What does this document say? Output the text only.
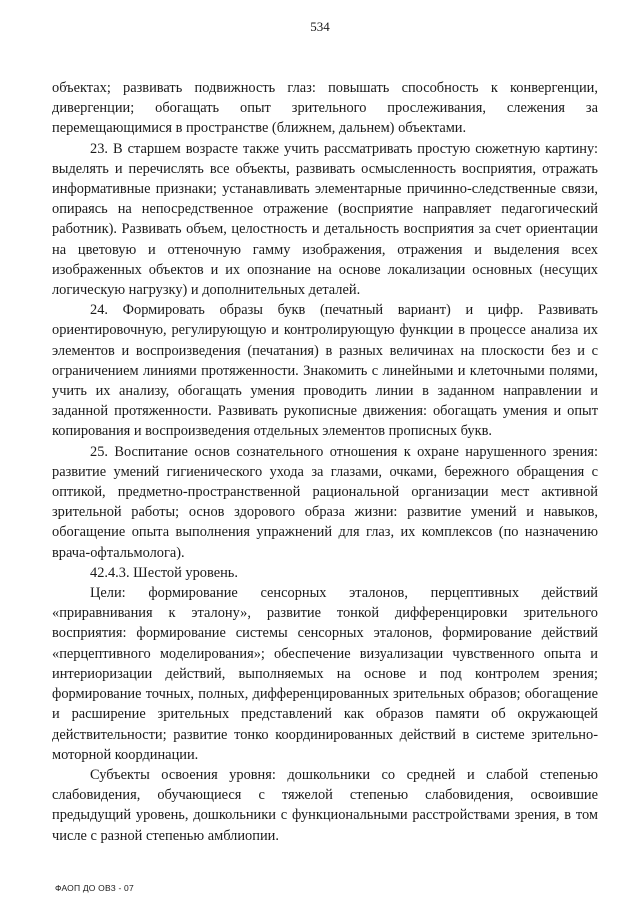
534

объектах; развивать подвижность глаз: повышать способность к конвергенции, дивергенции; обогащать опыт зрительного прослеживания, слежения за перемещающимися в пространстве (ближнем, дальнем) объектами.

23. В старшем возрасте также учить рассматривать простую сюжетную картину: выделять и перечислять все объекты, развивать осмысленность восприятия, отражать информативные признаки; устанавливать элементарные причинно-следственные связи, опираясь на непосредственное отражение (восприятие направляет педагогический работник). Развивать объем, целостность и детальность восприятия за счет ориентации на цветовую и оттеночную гамму изображения, отражения и выделения всех изображенных объектов и их опознание на основе локализации основных (несущих логическую нагрузку) и дополнительных деталей.

24. Формировать образы букв (печатный вариант) и цифр. Развивать ориентировочную, регулирующую и контролирующую функции в процессе анализа их элементов и воспроизведения (печатания) в разных величинах на плоскости без и с ограничением линиями протяженности. Знакомить с линейными и клеточными полями, учить их анализу, обогащать умения проводить линии в заданном направлении и заданной протяженности. Развивать рукописные движения: обогащать умения и опыт копирования и воспроизведения отдельных элементов прописных букв.

25. Воспитание основ сознательного отношения к охране нарушенного зрения: развитие умений гигиенического ухода за глазами, очками, бережного обращения с оптикой, предметно-пространственной рациональной организации мест активной зрительной работы; основ здорового образа жизни: развитие умений и навыков, обогащение опыта выполнения упражнений для глаз, их комплексов (по назначению врача-офтальмолога).

42.4.3. Шестой уровень.

Цели: формирование сенсорных эталонов, перцептивных действий «приравнивания к эталону», развитие тонкой дифференцировки зрительного восприятия: формирование системы сенсорных эталонов, формирование действий «перцептивного моделирования»; обеспечение визуализации чувственного опыта и интериоризации действий, выполняемых на основе и под контролем зрения; формирование точных, полных, дифференцированных зрительных образов; обогащение и расширение зрительных представлений как образов памяти об окружающей действительности; развитие тонко координированных действий в системе зрительно-моторной координации.

Субъекты освоения уровня: дошкольники со средней и слабой степенью слабовидения, обучающиеся с тяжелой степенью слабовидения, освоившие предыдущий уровень, дошкольники с функциональными расстройствами зрения, в том числе с разной степенью амблиопии.

ФАОП ДО ОВЗ - 07
